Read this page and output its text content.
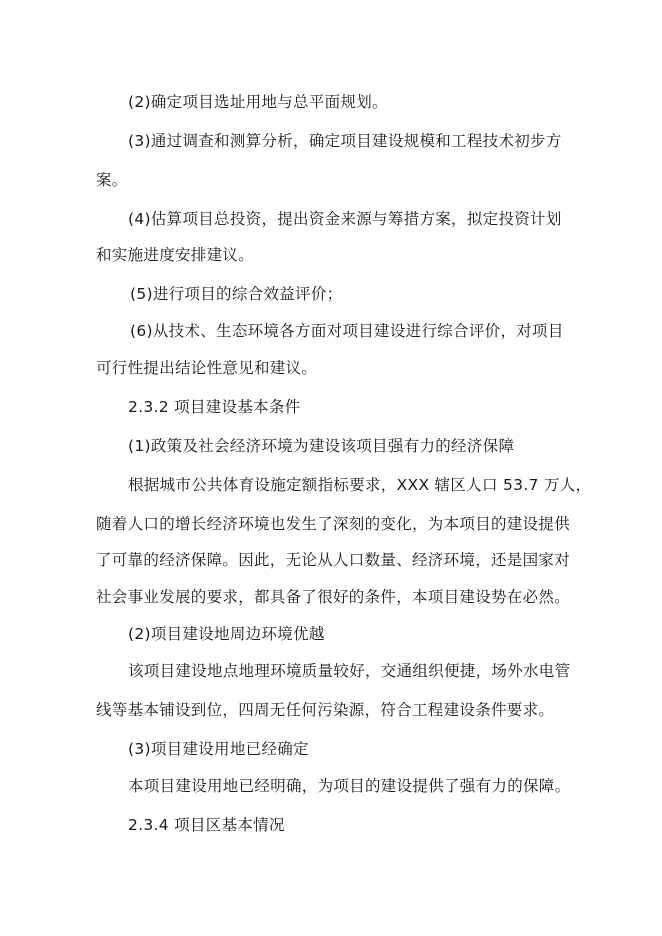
(2)确定项目选址用地与总平面规划。
(3)通过调查和测算分析，确定项目建设规模和工程技术初步方
案。
(4)估算项目总投资，提出资金来源与筹措方案，拟定投资计划
和实施进度安排建议。
(5)进行项目的综合效益评价；
(6)从技术、生态环境各方面对项目建设进行综合评价，对项目
可行性提出结论性意见和建议。
2.3.2 项目建设基本条件
(1)政策及社会经济环境为建设该项目强有力的经济保障
根据城市公共体育设施定额指标要求，XXX 辖区人口 53.7 万人，
随着人口的增长经济环境也发生了深刻的变化，为本项目的建设提供
了可靠的经济保障。因此，无论从人口数量、经济环境，还是国家对
社会事业发展的要求，都具备了很好的条件，本项目建设势在必然。
(2)项目建设地周边环境优越
该项目建设地点地理环境质量较好，交通组织便捷，场外水电管
线等基本铺设到位，四周无任何污染源，符合工程建设条件要求。
(3)项目建设用地已经确定
本项目建设用地已经明确，为项目的建设提供了强有力的保障。
2.3.4 项目区基本情况
